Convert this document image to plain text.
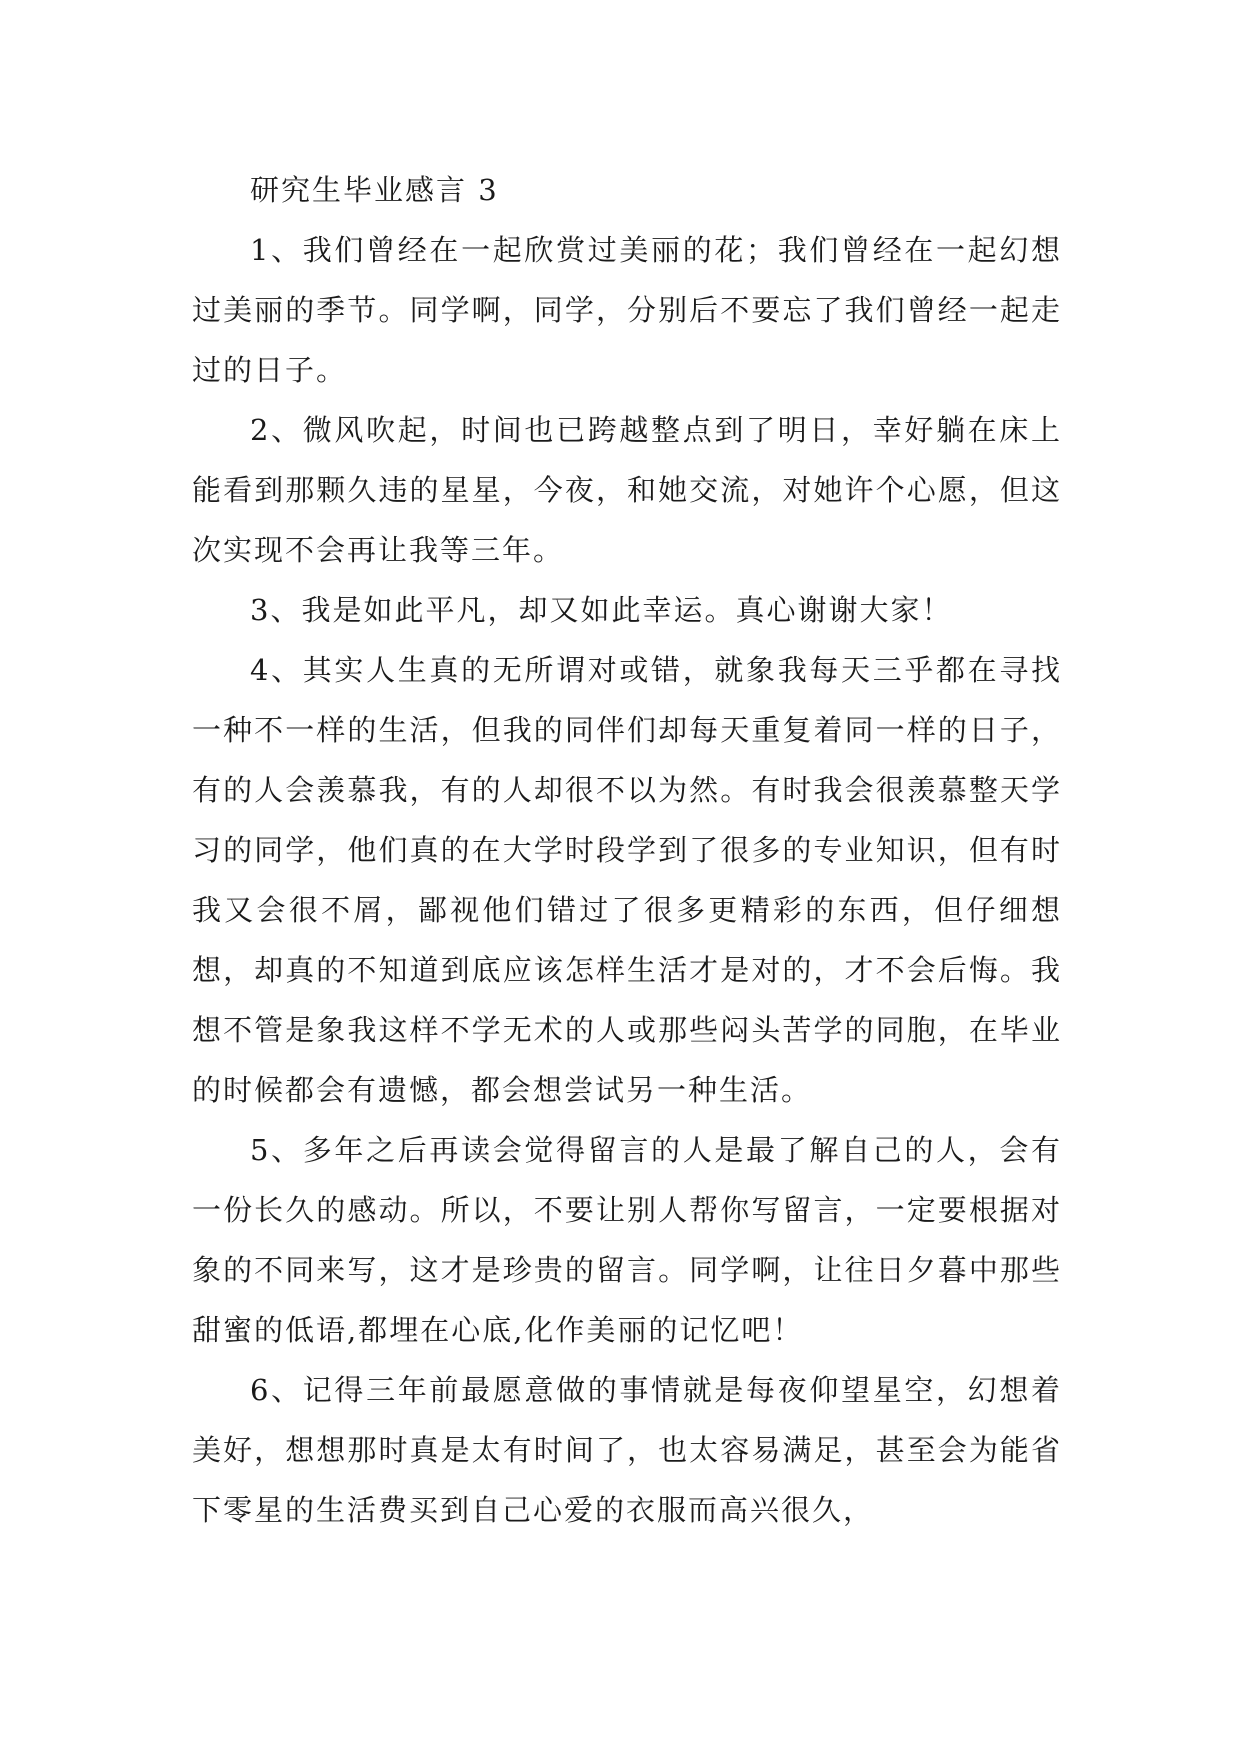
研究生毕业感言 3

1、我们曾经在一起欣赏过美丽的花；我们曾经在一起幻想过美丽的季节。同学啊，同学，分别后不要忘了我们曾经一起走过的日子。

2、微风吹起，时间也已跨越整点到了明日，幸好躺在床上能看到那颗久违的星星，今夜，和她交流，对她许个心愿，但这次实现不会再让我等三年。

3、我是如此平凡，却又如此幸运。真心谢谢大家！

4、其实人生真的无所谓对或错，就象我每天三乎都在寻找一种不一样的生活，但我的同伴们却每天重复着同一样的日子，有的人会羡慕我，有的人却很不以为然。有时我会很羡慕整天学习的同学，他们真的在大学时段学到了很多的专业知识，但有时我又会很不屑，鄙视他们错过了很多更精彩的东西，但仔细想想，却真的不知道到底应该怎样生活才是对的，才不会后悔。我想不管是象我这样不学无术的人或那些闷头苦学的同胞，在毕业的时候都会有遗憾，都会想尝试另一种生活。

5、多年之后再读会觉得留言的人是最了解自己的人，会有一份长久的感动。所以，不要让别人帮你写留言，一定要根据对象的不同来写，这才是珍贵的留言。同学啊，让往日夕暮中那些甜蜜的低语,都埋在心底,化作美丽的记忆吧！

6、记得三年前最愿意做的事情就是每夜仰望星空，幻想着美好，想想那时真是太有时间了，也太容易满足，甚至会为能省下零星的生活费买到自己心爱的衣服而高兴很久，
